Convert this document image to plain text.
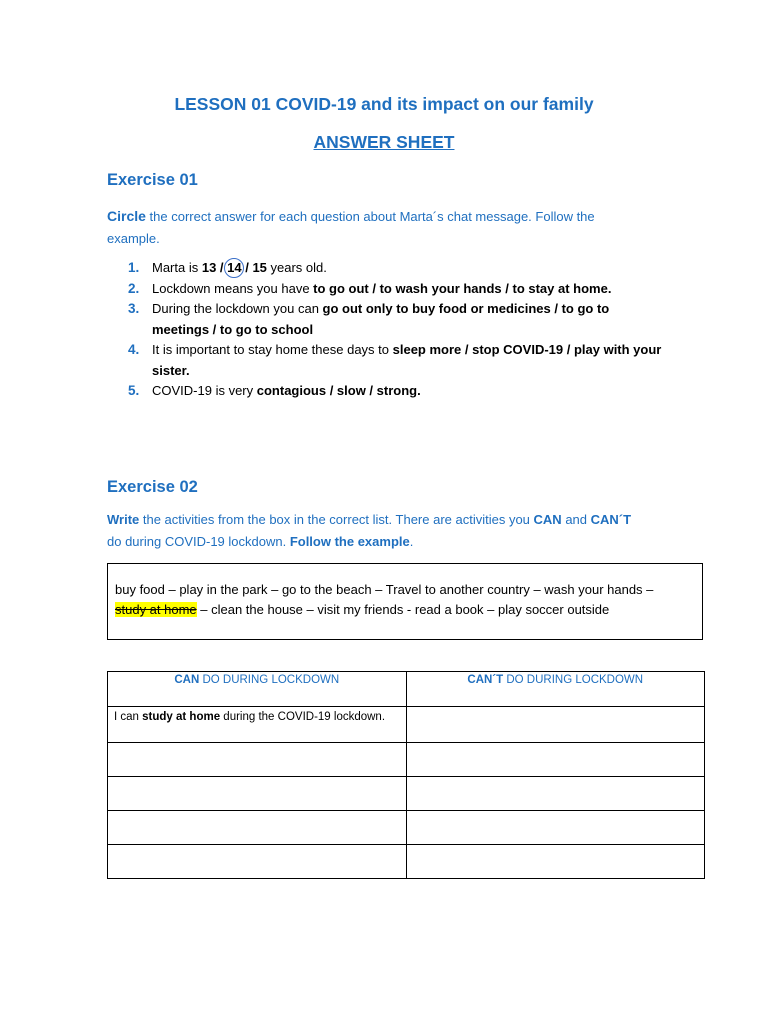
LESSON 01 COVID-19 and its impact on our family
ANSWER SHEET
Exercise 01
Circle the correct answer for each question about Marta´s chat message. Follow the example.
1. Marta is 13 /
14 / 15 years old.
2. Lockdown means you have to go out / to wash your hands / to stay at home.
3. During the lockdown you can go out only to buy food or medicines / to go to meetings / to go to school
4. It is important to stay home these days to sleep more / stop COVID-19 / play with your sister.
5. COVID-19 is very contagious / slow / strong.
Exercise 02
Write the activities from the box in the correct list. There are activities you CAN and CAN´T do during COVID-19 lockdown. Follow the example.
buy food – play in the park – go to the beach – Travel to another country – wash your hands –
study at home – clean the house – visit my friends - read a book – play soccer outside
CAN DO DURING LOCKDOWN	CAN´T DO DURING LOCKDOWN
I can study at home during the COVID-19 lockdown.	
